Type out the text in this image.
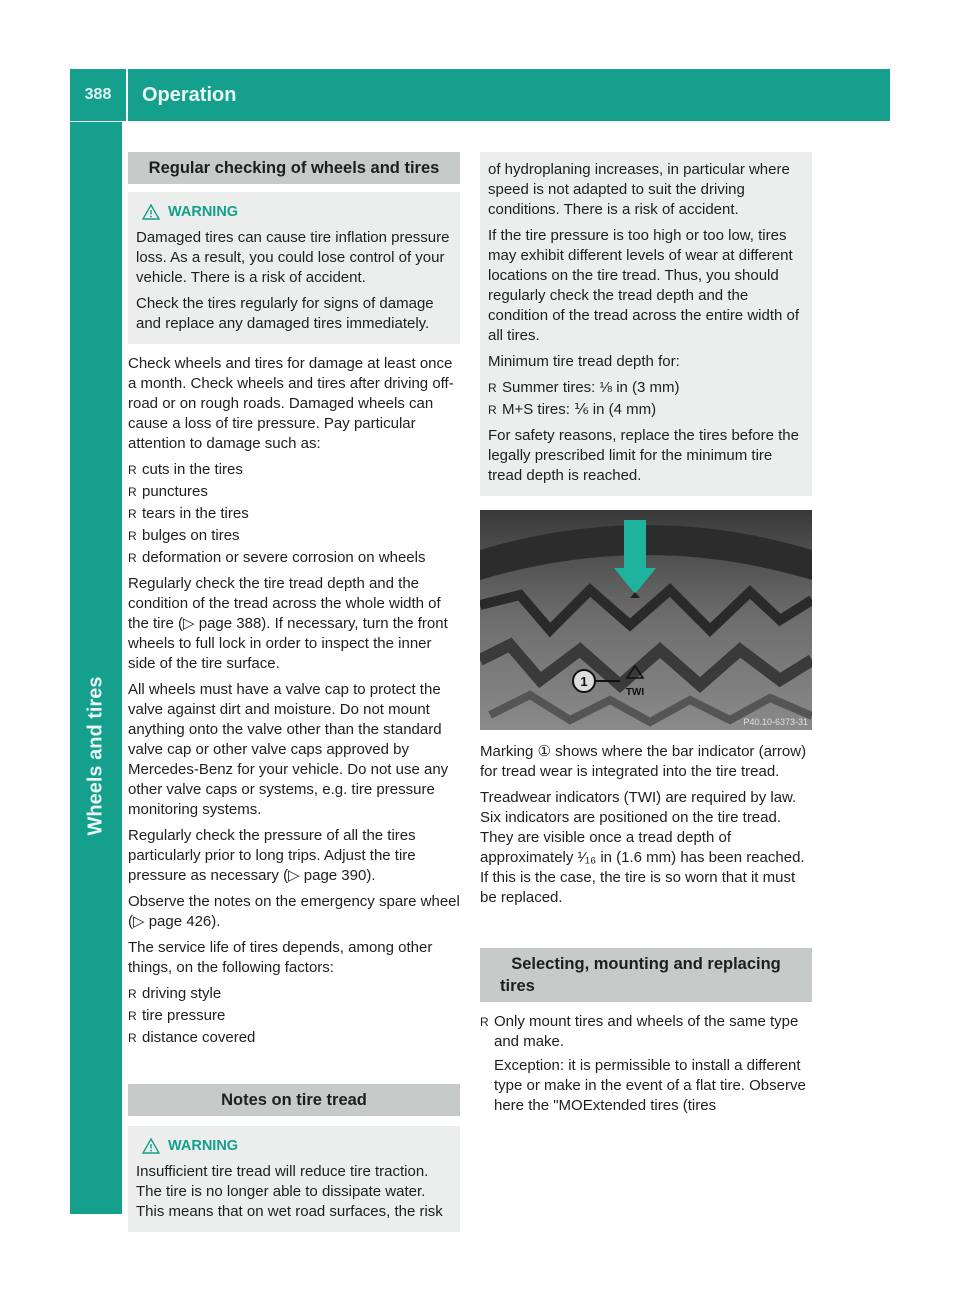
388	Operation
Wheels and tires
Regular checking of wheels and tires
WARNING

Damaged tires can cause tire inflation pressure loss. As a result, you could lose control of your vehicle. There is a risk of accident.

Check the tires regularly for signs of damage and replace any damaged tires immediately.

Check wheels and tires for damage at least once a month. Check wheels and tires after driving off-road or on rough roads. Damaged wheels can cause a loss of tire pressure. Pay particular attention to damage such as:

R cuts in the tires
R punctures
R tears in the tires
R bulges on tires
R deformation or severe corrosion on wheels

Regularly check the tire tread depth and the condition of the tread across the whole width of the tire (▷ page 388). If necessary, turn the front wheels to full lock in order to inspect the inner side of the tire surface.

All wheels must have a valve cap to protect the valve against dirt and moisture. Do not mount anything onto the valve other than the standard valve cap or other valve caps approved by Mercedes-Benz for your vehicle. Do not use any other valve caps or systems, e.g. tire pressure monitoring systems.

Regularly check the pressure of all the tires particularly prior to long trips. Adjust the tire pressure as necessary (▷ page 390).

Observe the notes on the emergency spare wheel (▷ page 426).

The service life of tires depends, among other things, on the following factors:

R driving style
R tire pressure
R distance covered
Notes on tire tread
WARNING

Insufficient tire tread will reduce tire traction. The tire is no longer able to dissipate water. This means that on wet road surfaces, the risk

of hydroplaning increases, in particular where speed is not adapted to suit the driving conditions. There is a risk of accident.

If the tire pressure is too high or too low, tires may exhibit different levels of wear at different locations on the tire tread. Thus, you should regularly check the tread depth and the condition of the tread across the entire width of all tires.

Minimum tire tread depth for:

R Summer tires: ⅛ in (3 mm)
R M+S tires: ⅙ in (4 mm)

For safety reasons, replace the tires before the legally prescribed limit for the minimum tire tread depth is reached.

1
TWI
P40.10-6373-31

Marking ① shows where the bar indicator (arrow) for tread wear is integrated into the tire tread.

Treadwear indicators (TWI) are required by law. Six indicators are positioned on the tire tread. They are visible once a tread depth of approximately ¹⁄₁₆ in (1.6 mm) has been reached. If this is the case, the tire is so worn that it must be replaced.

Selecting, mounting and replacing
tires
R Only mount tires and wheels of the same type and make.

Exception: it is permissible to install a different type or make in the event of a flat tire. Observe here the "MOExtended tires (tires
